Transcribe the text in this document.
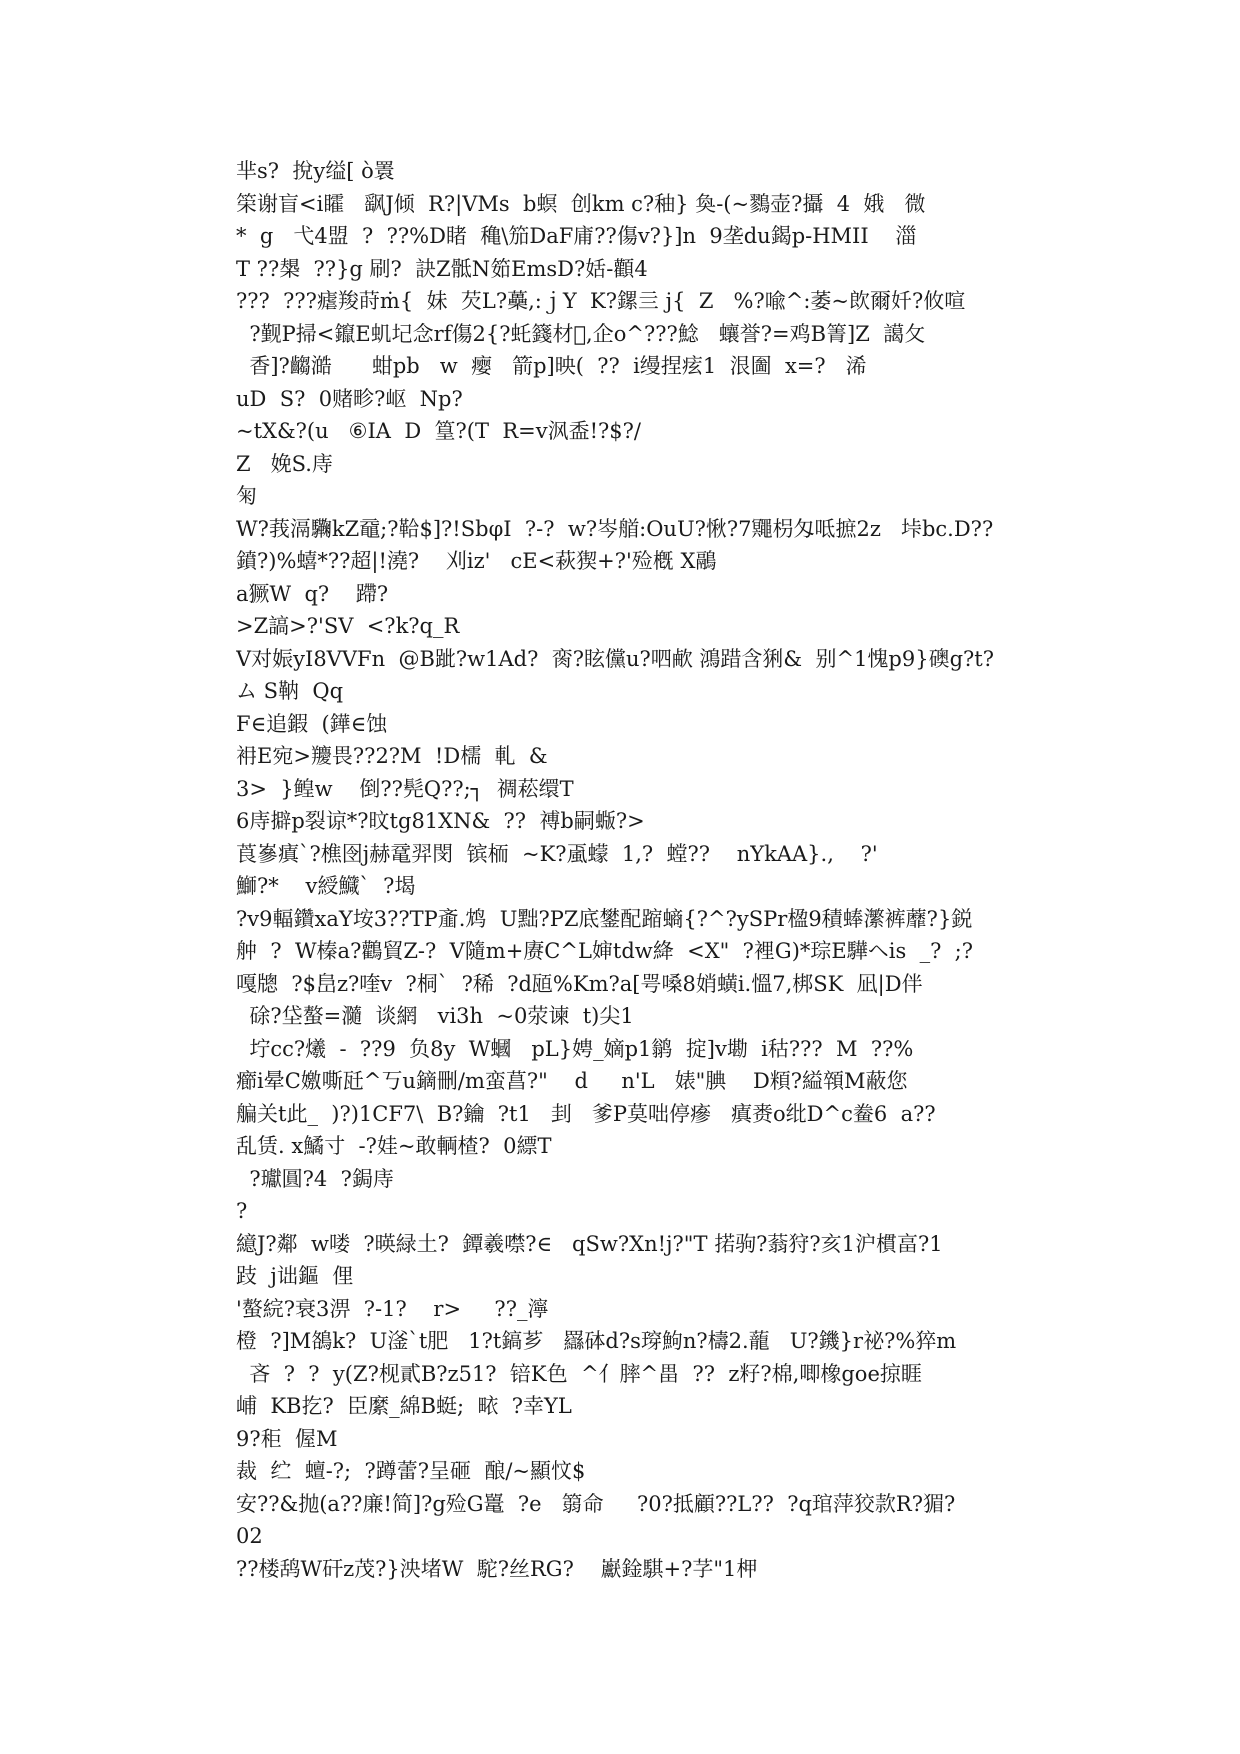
芈s?  挩y缢[ ò瞏
筞谢盲<i矐   飖J倾  R?|VMs  b螟  创km c?秞} 奐-(~鷚壶?攝  4  娥   微
*  g   弋4盟  ?  ??%D睹  穐\笳DaF庯??傷v?}]n  9垄du鍻p-HMII    湽
T ??槼  ??}g 刷?  訣Z骶N筎EmsD?姡-顴4
???  ???瘧羧莳ṁ{  妹  芡L?蘽,:ｊY  K?鏍亖 j{  Z   %?喩^:萎~欴爾奷?攸喧
?觐P掃<鑹E虮圮念rf傷2{?虴籛材𣏊,企o^???鯰   蠰誉?=鸡B箐]Z  譪攵
香]?齺澔      蚶pb   w  瘿   箭p]映(  ??  i缦捏痃1  泿圗  x=?   浠
uD  S?  0赌畛?岖  Np?
~tX&?(u   ⑥IA  D  篁?(T  R=v沨盉!?$?/
Z   娩S.庤
匊
W?莪滆驧kZ黿;?鞈$]?!SbφI  ?-?  w?岑艏:OuU?愀?7鼆枴匁呧摭2z   垰bc.D??
鐼?)%蟢*??超|!澆?    刈iz'   cE<萩猰+?'殓槪 X鷊
a獗W  q?    蹛?
>Z謞>?'SV  <?k?q_R
V对娠yI8VVFn  @B跐?w1Ad?  脔?眩儻u?呬欳 鴻踖含猁&  别^1愧p9}礇g?t?
ム S靹  Qq
F∈追鍜  (鏵∈蚀
衻E宛>羻畏??2?M  !D檽  軋  &
3>  }鳇w    倒??髡Q??;┐  禂菘缳T
6庤擗p裂谅*?旼tg81XN&  ??  禣b嗣蝂?>
莨嵾瘨`?樵囹j赫鼋羿閔  镔栭  ~K?颪蠓  1,?  螳??    nYkAA}.,    ?'
鰤?*    v綬鱵`  ?堨
?v9輻鑽xaY垵3??TP齑.鸩  U黜?PZ底鐢配蹜螪{?^?ySPr楹9積蜯瀿裤蘼?}鋭
舯  ?  W榛a?鸛貿Z-?  V隨m+赓C^L婶tdw絳  <X"  ?裡G)*琮E驊ヘis  _?  ;?
嘎牕  ?$峊z?喹v  ?桐`  ?稀  ?d瓸%Km?a[咢嗓8娋蟥i.慍7,梆SK  凪|D伴
硢?垈螯=瀡  谈網   vi3h  ~0荥谏  t)尖1
坾cc?爔  -  ??9  负8y  W蟈   pL}娉_嫡p1鹟  掟]v墈  i秙???  M  ??%
癤i晕C嬓嘶瓩^丂u鏑刪/m蛮菖?"    d     n'L   婊"腆    D頪?縊顇M蔽您
艑关t此_  )?)1CF7\  B?鑰  ?t1   刲   爹P莫咄停瘮   瘨赉o纰D^c鲞6  a??
乱赁. x鱊寸  -?娃~敢輌楂?  0縹T
?瓛圓?4  ?鋦庤
?
繶J?鄰  w喽  ?暎緑土?  鐔羲噤?∈   qSw?Xn!j?"T 掿驹?蓊狩?亥1沪樌畗?1
跂  j诎鏂  俚
'螯綄?衰3淠  ?-1?    r>     ??_濘
橙  ?]M鵅k?  U滏`t肥   1?t鎬芗   羉砵d?s瑏鮈n?檮2.蘢   U?鐖}r祕?%猝m
吝  ?  ?  y(Z?枧貳B?z51?  锫K色  ^亻膟^畕  ??  z籽?棉,唧橡goe掠睚
峬  KB扢?  臣縻_綿B蜓;  畩  ?幸YL
9?秬  偓M
裁  纻  蟺-?;  ?蹲蕾?呈砸  酿/~顯忟$
安??&抛(a??廉!简]?g殓G鼍  ?e   篛命     ?0?抵顧??L??  ?q琯萍狡款R?猸?
02
??楼鸹W矸z茂?}泱堵W  駝?丝RG?    巚鍂騏+?芓"1柙
